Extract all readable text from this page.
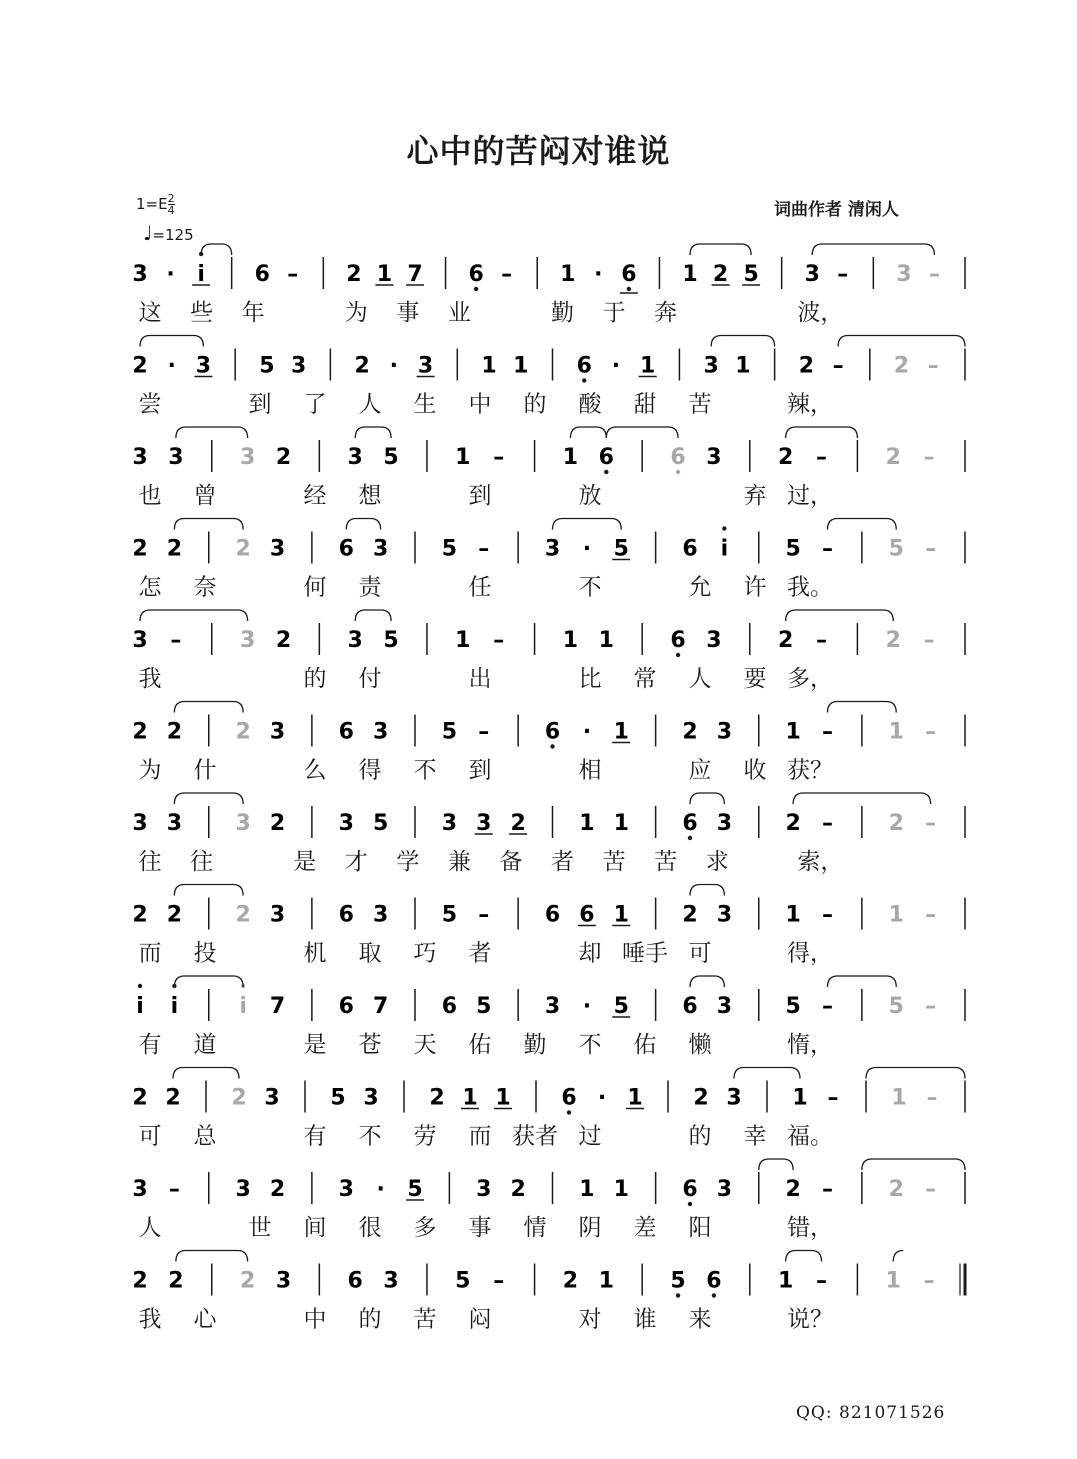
心中的苦闷对谁说
$1=E \frac{2}{4}$
♩=125
词曲作者 清闲人
3 · i 6 – 2 1 7 6 – 1 · 6 1 2 5 3 – 3 –
这 些 年	为 事 业	勤 于 奔	波，
2 · 3 5 3 2 · 3 1 1 6 · 1 3 1 2 – 2 –
尝	到 了 人 生 中 的 酸 甜 苦	辣，
3 3	3 2	3 5	1 –	1 6	6 3	2 –	2 –
也 曾	经 想	到	放	弃 过，
2 2 2 3 6 3 5 –	3 · 5 6 i	5 –	5 –
怎 奈	何 责	任	不	允 许 我。
3 –	3 2	3 5	1 –	1 1	6 3	2 –	2 –
我	的 付	出	比 常 人 要 多，
2 2 2 3 6 3 5 –	6 · 1 2 3 1 –	1 –
为 什	么 得 不 到	相	应 收 获？
3 3 3 2 3 5 3 3 2 1 1 6 3 2 –	2 –
往 往	是 才 学 兼 备 者 苦 苦 求	索，
2 2 2 3 6 3 5 –	6 6 1 2 3 1 –	1 –
而 投	机 取 巧 者	却 唾手 可	得，
i i	i 7 6 7 6 5 3 · 5 6 3 5 –	5 –
有 道	是 苍 天 佑 勤 不 佑 懒	惰，
2 2 2 3 5 3 2 1 1 6 · 1 2 3 1 – 1 –
可 总	有 不 劳 而 获者 过	的 幸 福。
3 –	3 2 3 · 5 3 2 1 1 6 3 2 –	2 –
人	世 间 很 多 事 情 阴 差 阳	错，
2 2	2 3	6 3	5 –	2 1	5 6	1 –	1 –
我 心	中 的 苦 闷	对 谁 来	说？
QQ: 821071526
